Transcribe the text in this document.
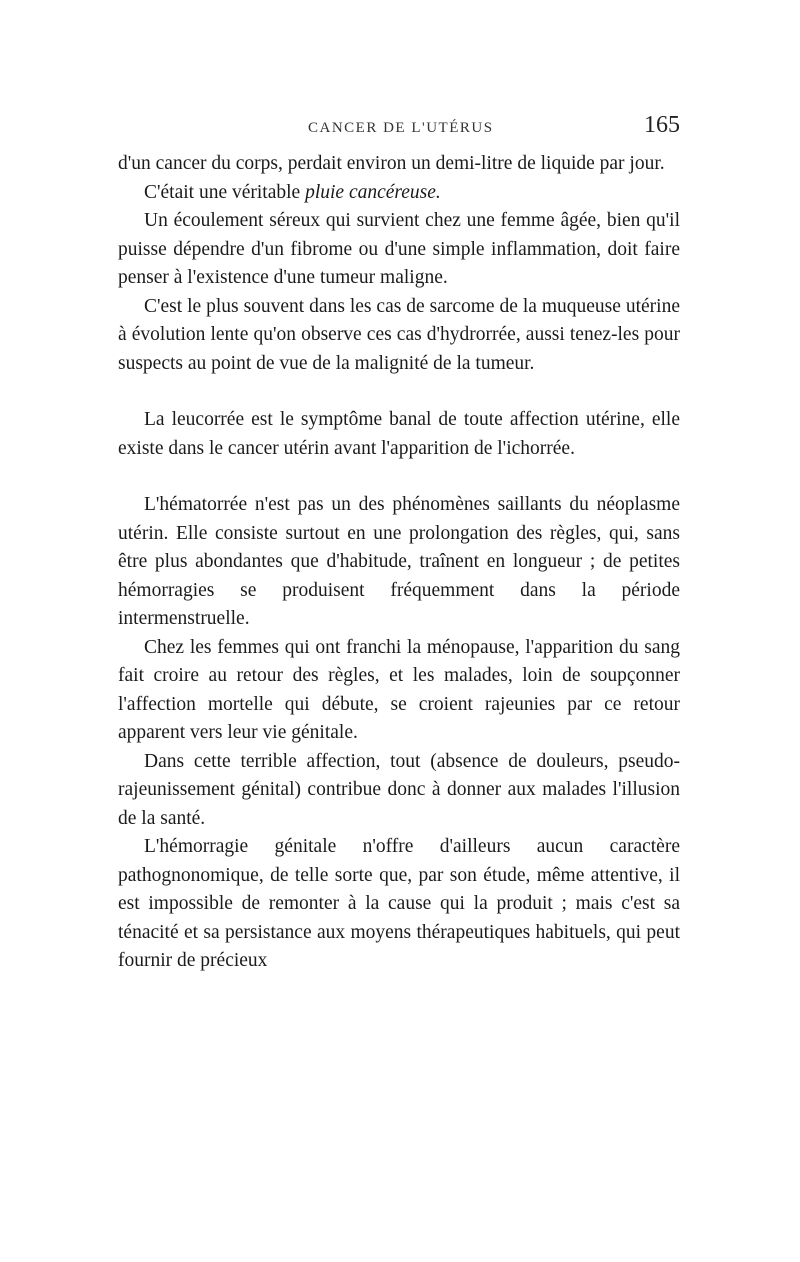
CANCER DE L'UTÉRUS	165

d'un cancer du corps, perdait environ un demi-litre de liquide par jour.

C'était une véritable pluie cancéreuse.

Un écoulement séreux qui survient chez une femme âgée, bien qu'il puisse dépendre d'un fibrome ou d'une simple inflammation, doit faire penser à l'existence d'une tumeur maligne.

C'est le plus souvent dans les cas de sarcome de la muqueuse utérine à évolution lente qu'on observe ces cas d'hydrorrée, aussi tenez-les pour suspects au point de vue de la malignité de la tumeur.

La leucorrée est le symptôme banal de toute affection utérine, elle existe dans le cancer utérin avant l'apparition de l'ichorrée.

L'hématorrée n'est pas un des phénomènes saillants du néoplasme utérin. Elle consiste surtout en une prolongation des règles, qui, sans être plus abondantes que d'habitude, traînent en longueur ; de petites hémorragies se produisent fréquemment dans la période intermenstruelle.

Chez les femmes qui ont franchi la ménopause, l'apparition du sang fait croire au retour des règles, et les malades, loin de soupçonner l'affection mortelle qui débute, se croient rajeunies par ce retour apparent vers leur vie génitale.

Dans cette terrible affection, tout (absence de douleurs, pseudo-rajeunissement génital) contribue donc à donner aux malades l'illusion de la santé.

L'hémorragie génitale n'offre d'ailleurs aucun caractère pathognonomique, de telle sorte que, par son étude, même attentive, il est impossible de remonter à la cause qui la produit ; mais c'est sa ténacité et sa persistance aux moyens thérapeutiques habituels, qui peut fournir de précieux
